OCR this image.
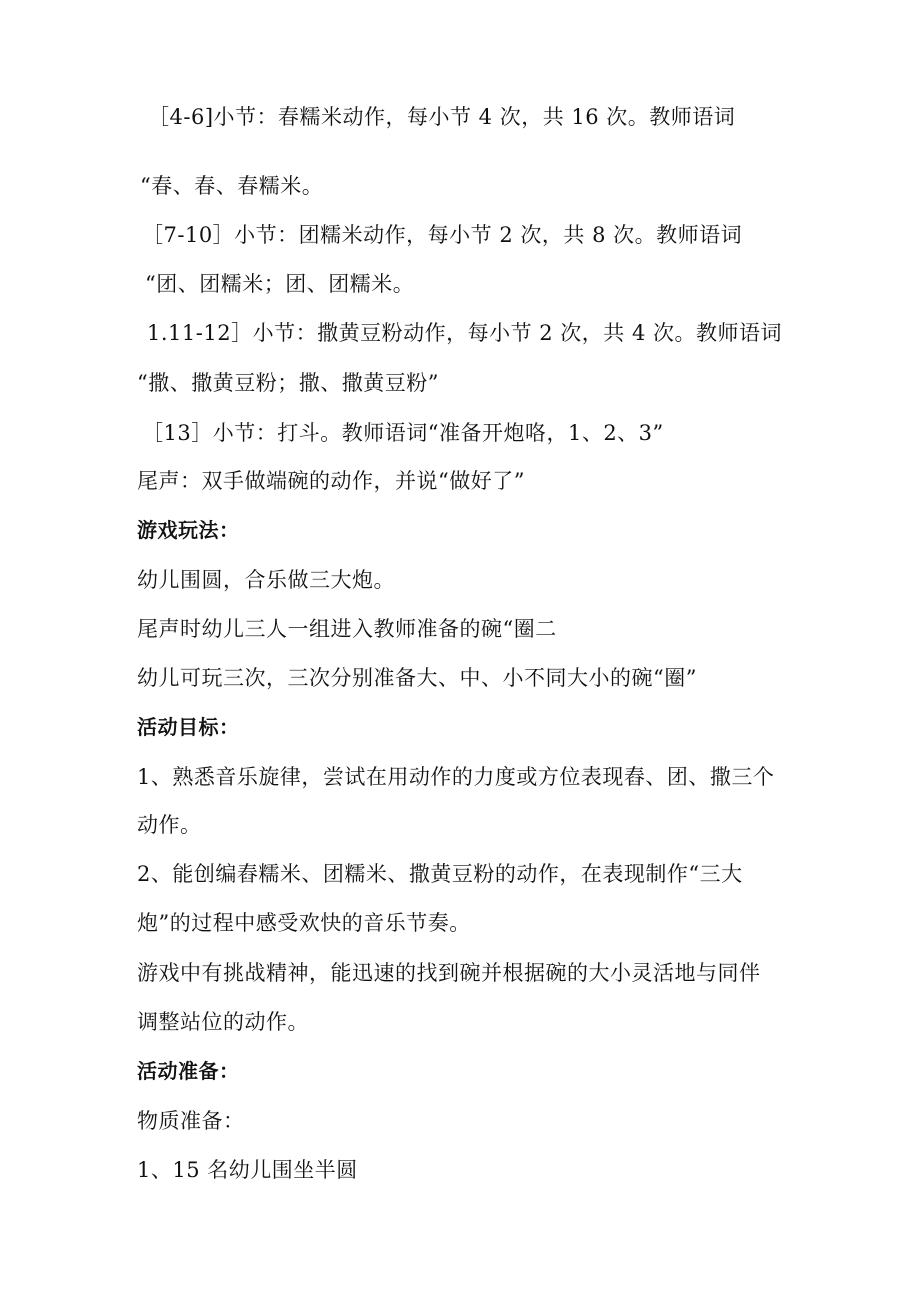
［4-6]小节：春糯米动作，每小节 4 次，共 16 次。教师语词

“春、春、春糯米。

［7-10］小节：团糯米动作，每小节 2 次，共 8 次。教师语词

“团、团糯米；团、团糯米。

1.11-12］小节：撒黄豆粉动作，每小节 2 次，共 4 次。教师语词

“撒、撒黄豆粉；撒、撒黄豆粉”

［13］小节：打斗。教师语词“准备开炮咯，1、2、3”

尾声：双手做端碗的动作，并说“做好了”

游戏玩法：

幼儿围圆，合乐做三大炮。

尾声时幼儿三人一组进入教师准备的碗“圈二

幼儿可玩三次，三次分别准备大、中、小不同大小的碗“圈”

活动目标：

1、熟悉音乐旋律，尝试在用动作的力度或方位表现舂、团、撒三个

动作。

2、能创编舂糯米、团糯米、撒黄豆粉的动作，在表现制作“三大

炮”的过程中感受欢快的音乐节奏。

游戏中有挑战精神，能迅速的找到碗并根据碗的大小灵活地与同伴

调整站位的动作。

活动准备：

物质准备：

1、15 名幼儿围坐半圆
